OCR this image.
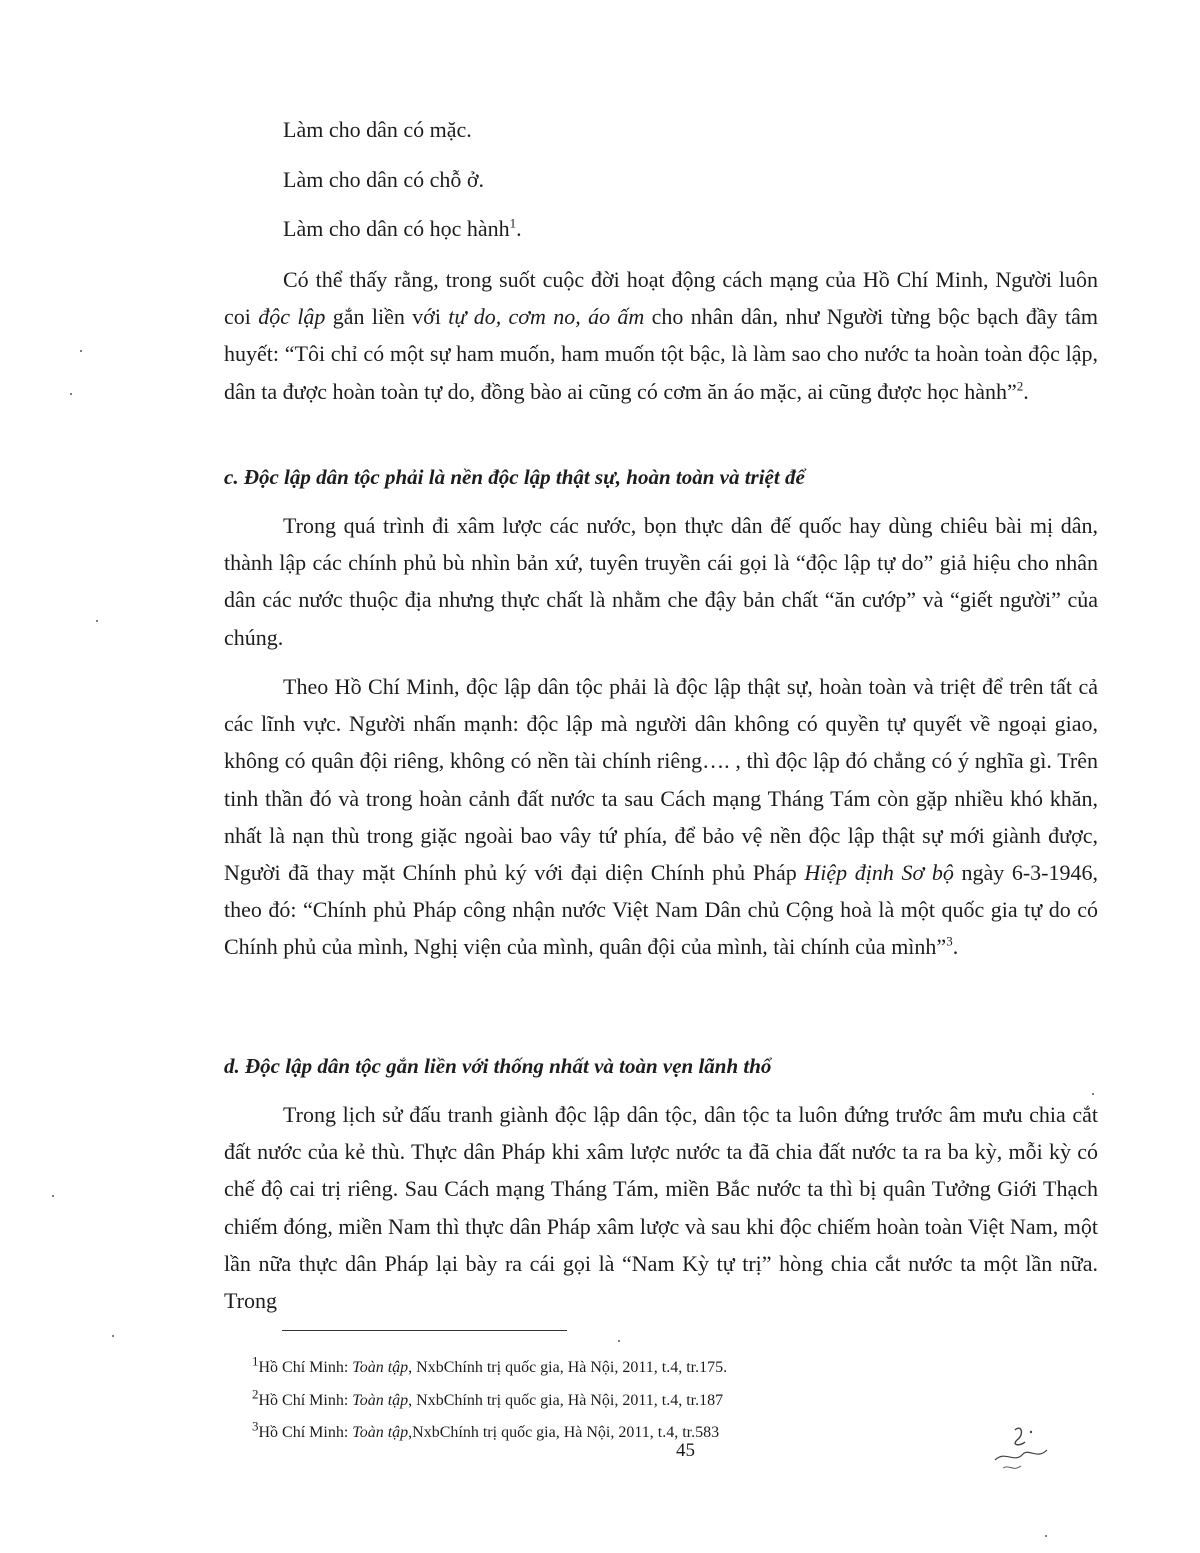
Làm cho dân có mặc.
Làm cho dân có chỗ ở.
Làm cho dân có học hành$^1$.

Có thể thấy rằng, trong suốt cuộc đời hoạt động cách mạng của Hồ Chí Minh, Người luôn coi độc lập gắn liền với tự do, cơm no, áo ấm cho nhân dân, như Người từng bộc bạch đầy tâm huyết: “Tôi chỉ có một sự ham muốn, ham muốn tột bậc, là làm sao cho nước ta hoàn toàn độc lập, dân ta được hoàn toàn tự do, đồng bào ai cũng có cơm ăn áo mặc, ai cũng được học hành”$^2$.

c. Độc lập dân tộc phải là nền độc lập thật sự, hoàn toàn và triệt để

Trong quá trình đi xâm lược các nước, bọn thực dân đế quốc hay dùng chiêu bài mị dân, thành lập các chính phủ bù nhìn bản xứ, tuyên truyền cái gọi là “độc lập tự do” giả hiệu cho nhân dân các nước thuộc địa nhưng thực chất là nhằm che đậy bản chất “ăn cướp” và “giết người” của chúng.

Theo Hồ Chí Minh, độc lập dân tộc phải là độc lập thật sự, hoàn toàn và triệt để trên tất cả các lĩnh vực. Người nhấn mạnh: độc lập mà người dân không có quyền tự quyết về ngoại giao, không có quân đội riêng, không có nền tài chính riêng…. , thì độc lập đó chẳng có ý nghĩa gì. Trên tinh thần đó và trong hoàn cảnh đất nước ta sau Cách mạng Tháng Tám còn gặp nhiều khó khăn, nhất là nạn thù trong giặc ngoài bao vây tứ phía, để bảo vệ nền độc lập thật sự mới giành được, Người đã thay mặt Chính phủ ký với đại diện Chính phủ Pháp Hiệp định Sơ bộ ngày 6-3-1946, theo đó: “Chính phủ Pháp công nhận nước Việt Nam Dân chủ Cộng hoà là một quốc gia tự do có Chính phủ của mình, Nghị viện của mình, quân đội của mình, tài chính của mình”$^3$.

d. Độc lập dân tộc gắn liền với thống nhất và toàn vẹn lãnh thổ

Trong lịch sử đấu tranh giành độc lập dân tộc, dân tộc ta luôn đứng trước âm mưu chia cắt đất nước của kẻ thù. Thực dân Pháp khi xâm lược nước ta đã chia đất nước ta ra ba kỳ, mỗi kỳ có chế độ cai trị riêng. Sau Cách mạng Tháng Tám, miền Bắc nước ta thì bị quân Tưởng Giới Thạch chiếm đóng, miền Nam thì thực dân Pháp xâm lược và sau khi độc chiếm hoàn toàn Việt Nam, một lần nữa thực dân Pháp lại bày ra cái gọi là “Nam Kỳ tự trị” hòng chia cắt nước ta một lần nữa. Trong

$^1$Hồ Chí Minh: Toàn tập, NxbChính trị quốc gia, Hà Nội, 2011, t.4, tr.175.
$^2$Hồ Chí Minh: Toàn tập, NxbChính trị quốc gia, Hà Nội, 2011, t.4, tr.187
$^3$Hồ Chí Minh: Toàn tập,NxbChính trị quốc gia, Hà Nội, 2011, t.4, tr.583
45
